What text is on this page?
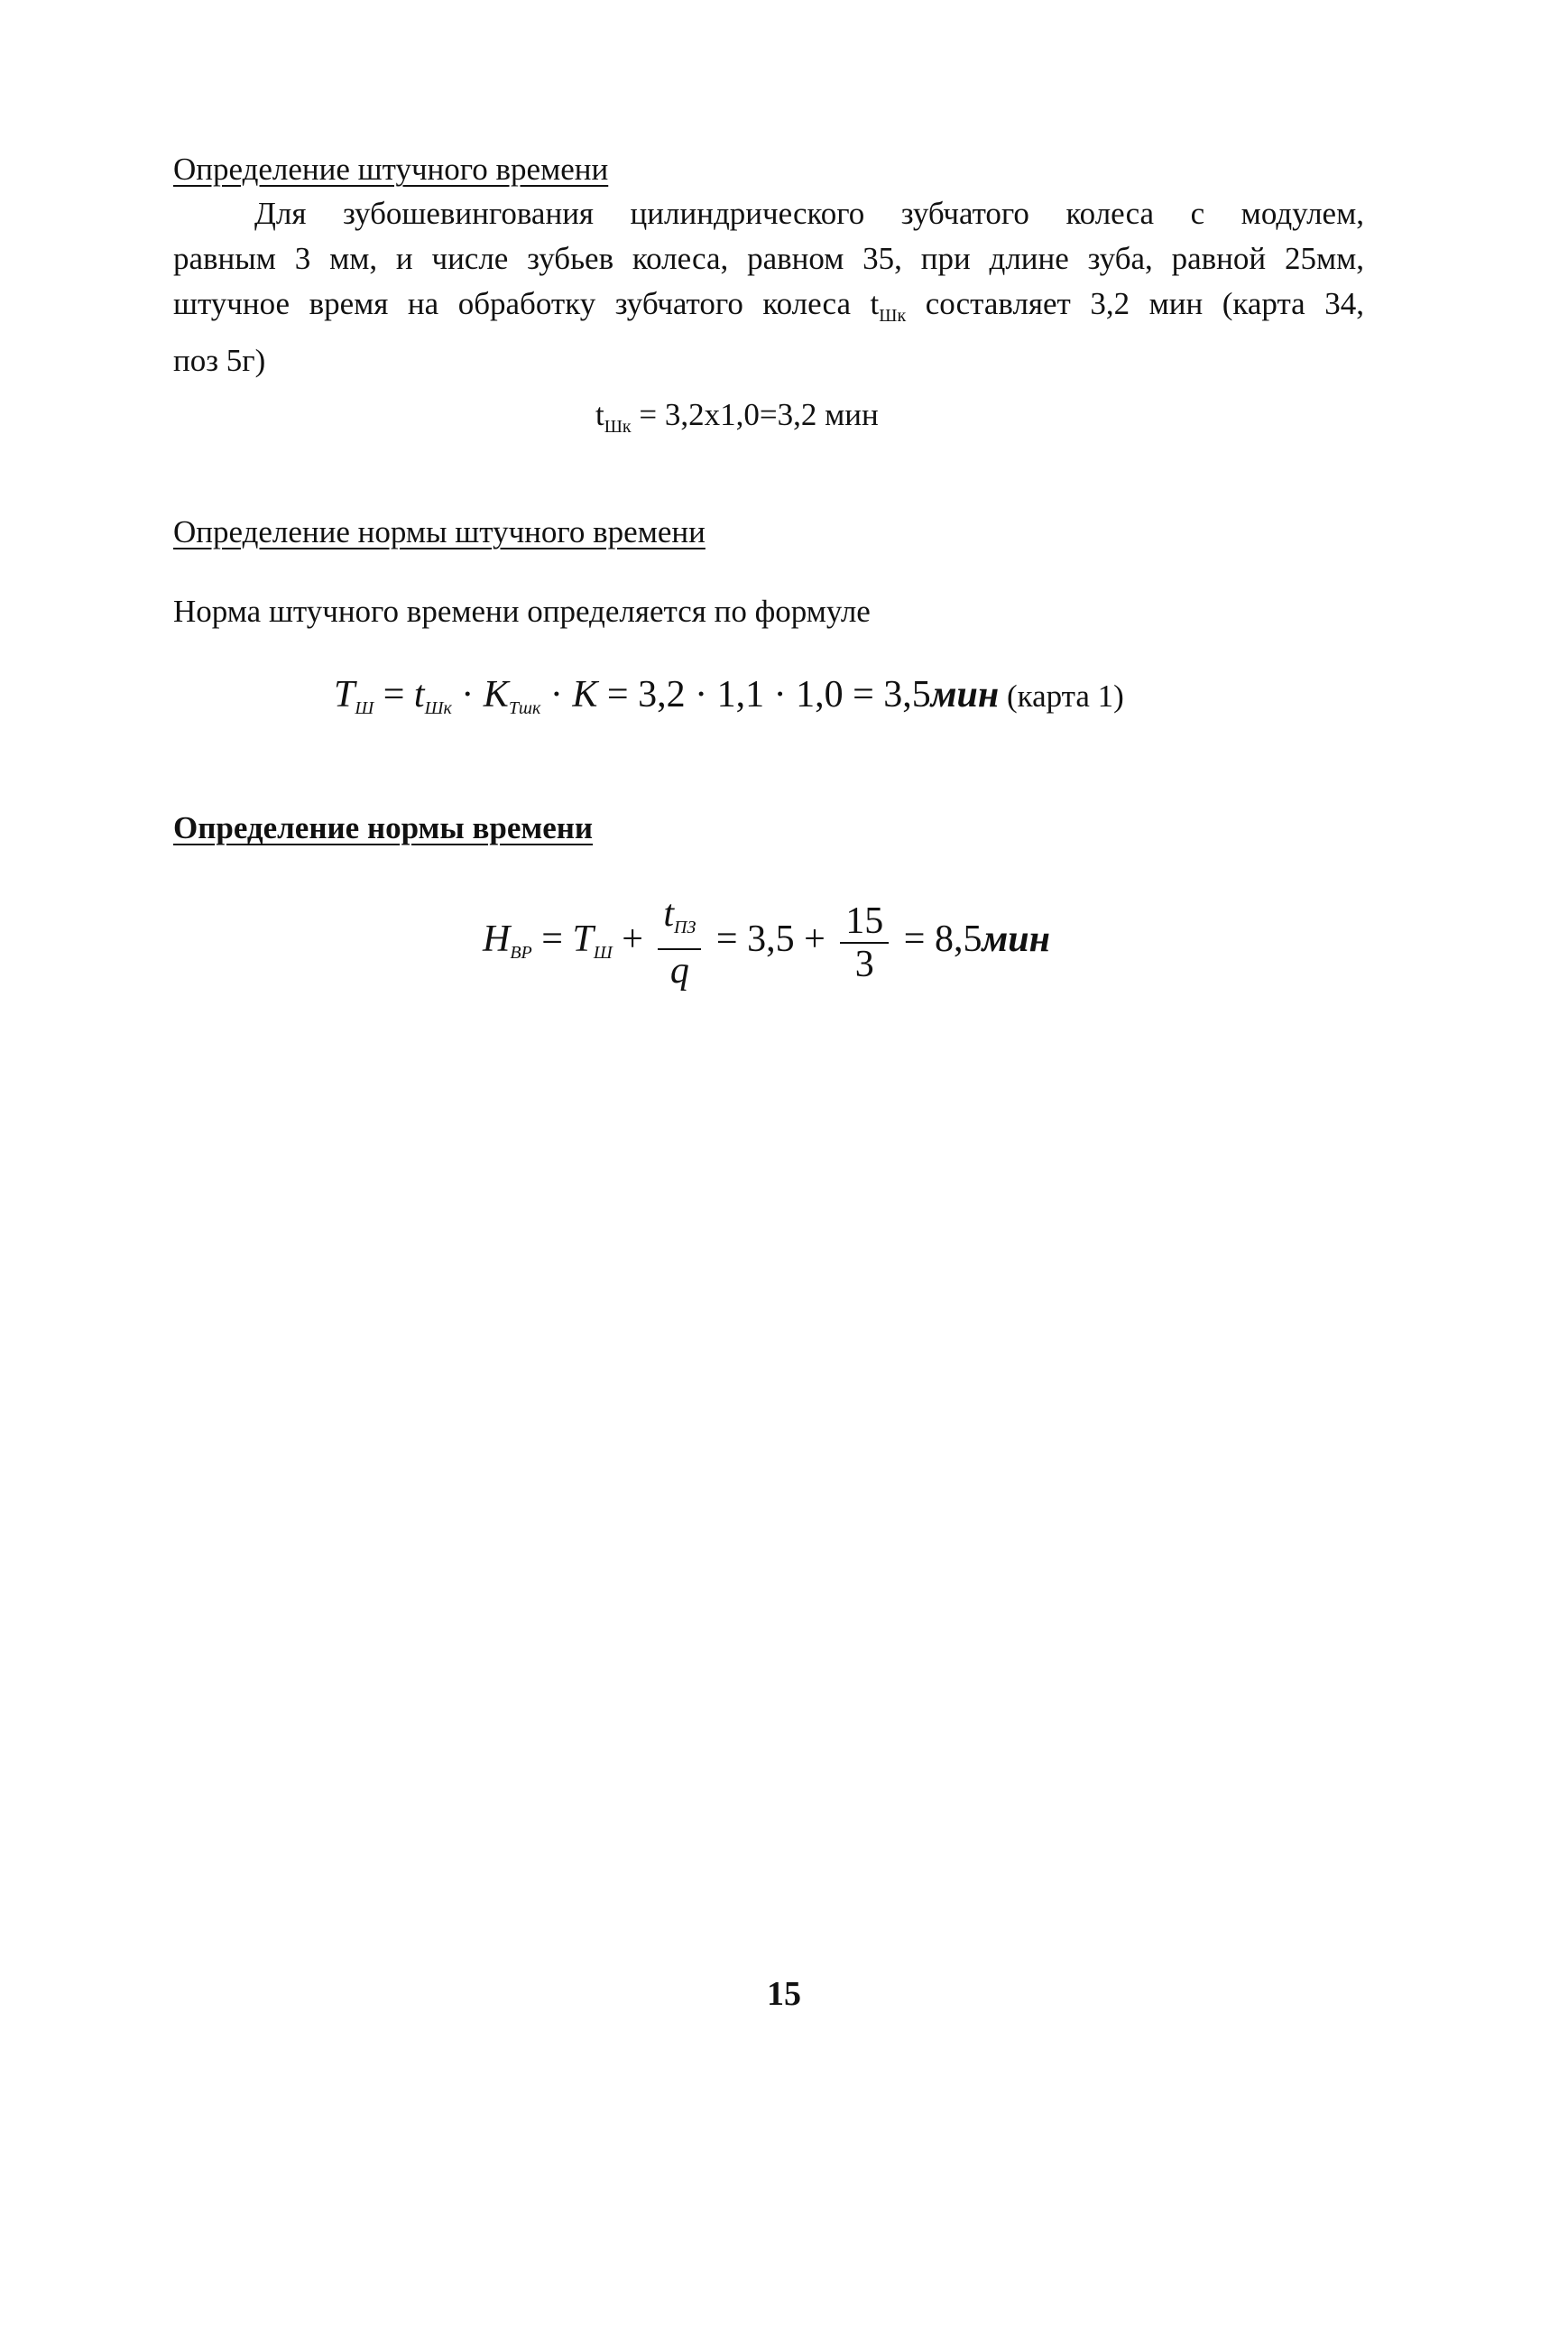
Определение штучного времени
Для зубошевингования цилиндрического зубчатого колеса с модулем,
равным 3 мм, и числе зубьев колеса, равном 35, при длине зуба, равной 25мм,
штучное время на обработку зубчатого колеса $t_{Шк}$ составляет 3,2 мин (карта 34,
поз 5г)
$t_{Шк} = 3,2х1,0=3,2$ мин
Определение нормы штучного времени
Норма штучного времени определяется по формуле
$T_Ш = t_{Шк} \cdot K_{Тшк} \cdot K = 3,2 \cdot 1,1 \cdot 1,0 = 3,5мин$ (карта 1)
Определение нормы времени
$H_{ВР} = T_Ш + \frac{t_{ПЗ}}{q} = 3,5 + \frac{15}{3} = 8,5мин$
15
